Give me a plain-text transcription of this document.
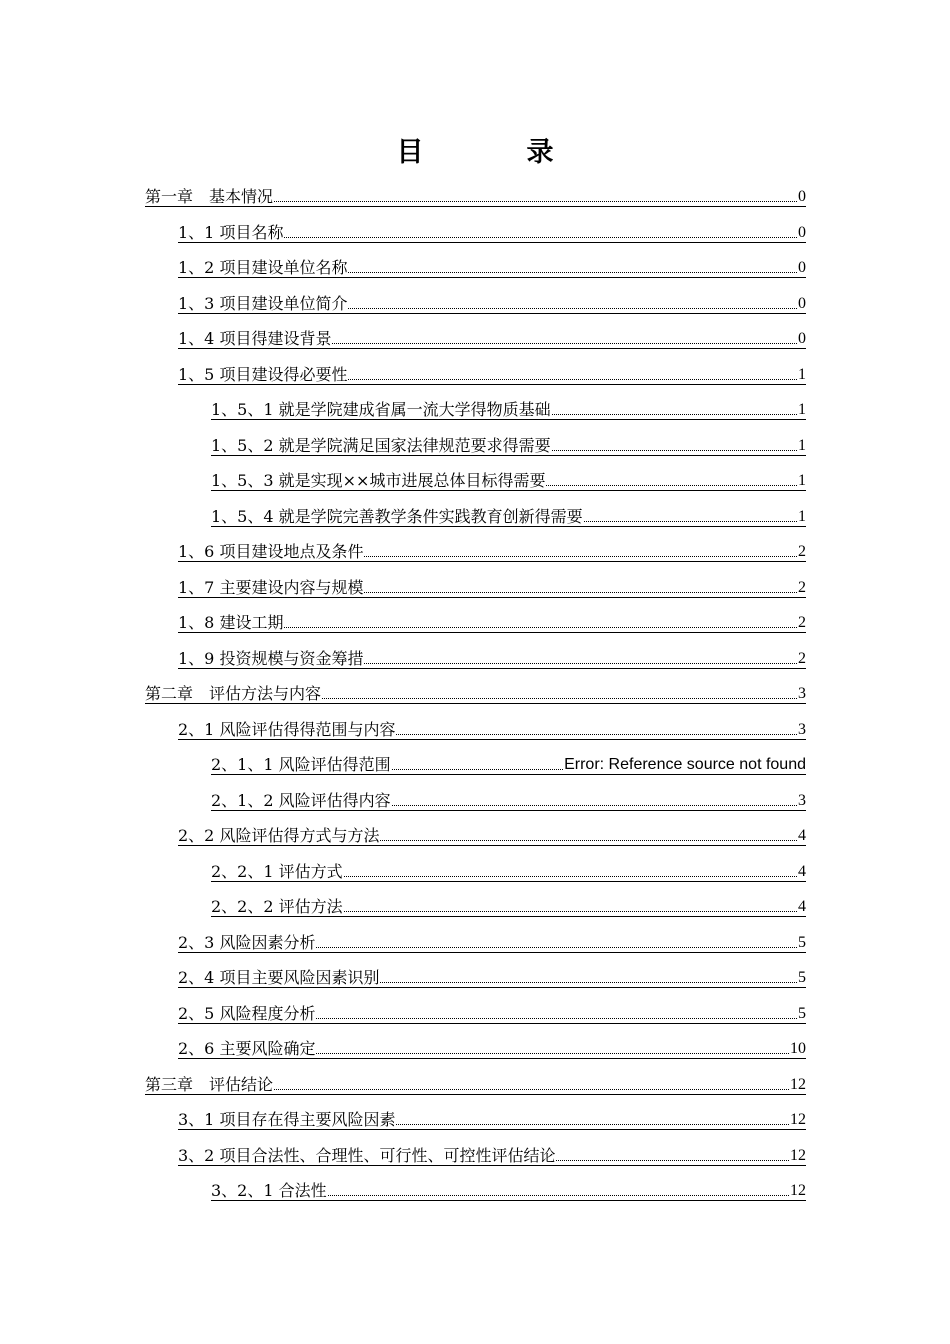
目　录
第一章　基本情况	0
1、1 项目名称	0
1、2 项目建设单位名称	0
1、3 项目建设单位简介	0
1、4 项目得建设背景	0
1、5 项目建设得必要性	1
1、5、1 就是学院建成省属一流大学得物质基础	1
1、5、2 就是学院满足国家法律规范要求得需要	1
1、5、3 就是实现××城市进展总体目标得需要	1
1、5、4 就是学院完善教学条件实践教育创新得需要	1
1、6 项目建设地点及条件	2
1、7 主要建设内容与规模	2
1、8 建设工期	2
1、9 投资规模与资金筹措	2
第二章　评估方法与内容	3
2、1 风险评估得得范围与内容	3
2、1、1 风险评估得范围	Error: Reference source not found
2、1、2 风险评估得内容	3
2、2 风险评估得方式与方法	4
2、2、1 评估方式	4
2、2、2 评估方法	4
2、3 风险因素分析	5
2、4 项目主要风险因素识别	5
2、5 风险程度分析	5
2、6 主要风险确定	10
第三章　评估结论	12
3、1 项目存在得主要风险因素	12
3、2 项目合法性、合理性、可行性、可控性评估结论	12
3、2、1 合法性	12
